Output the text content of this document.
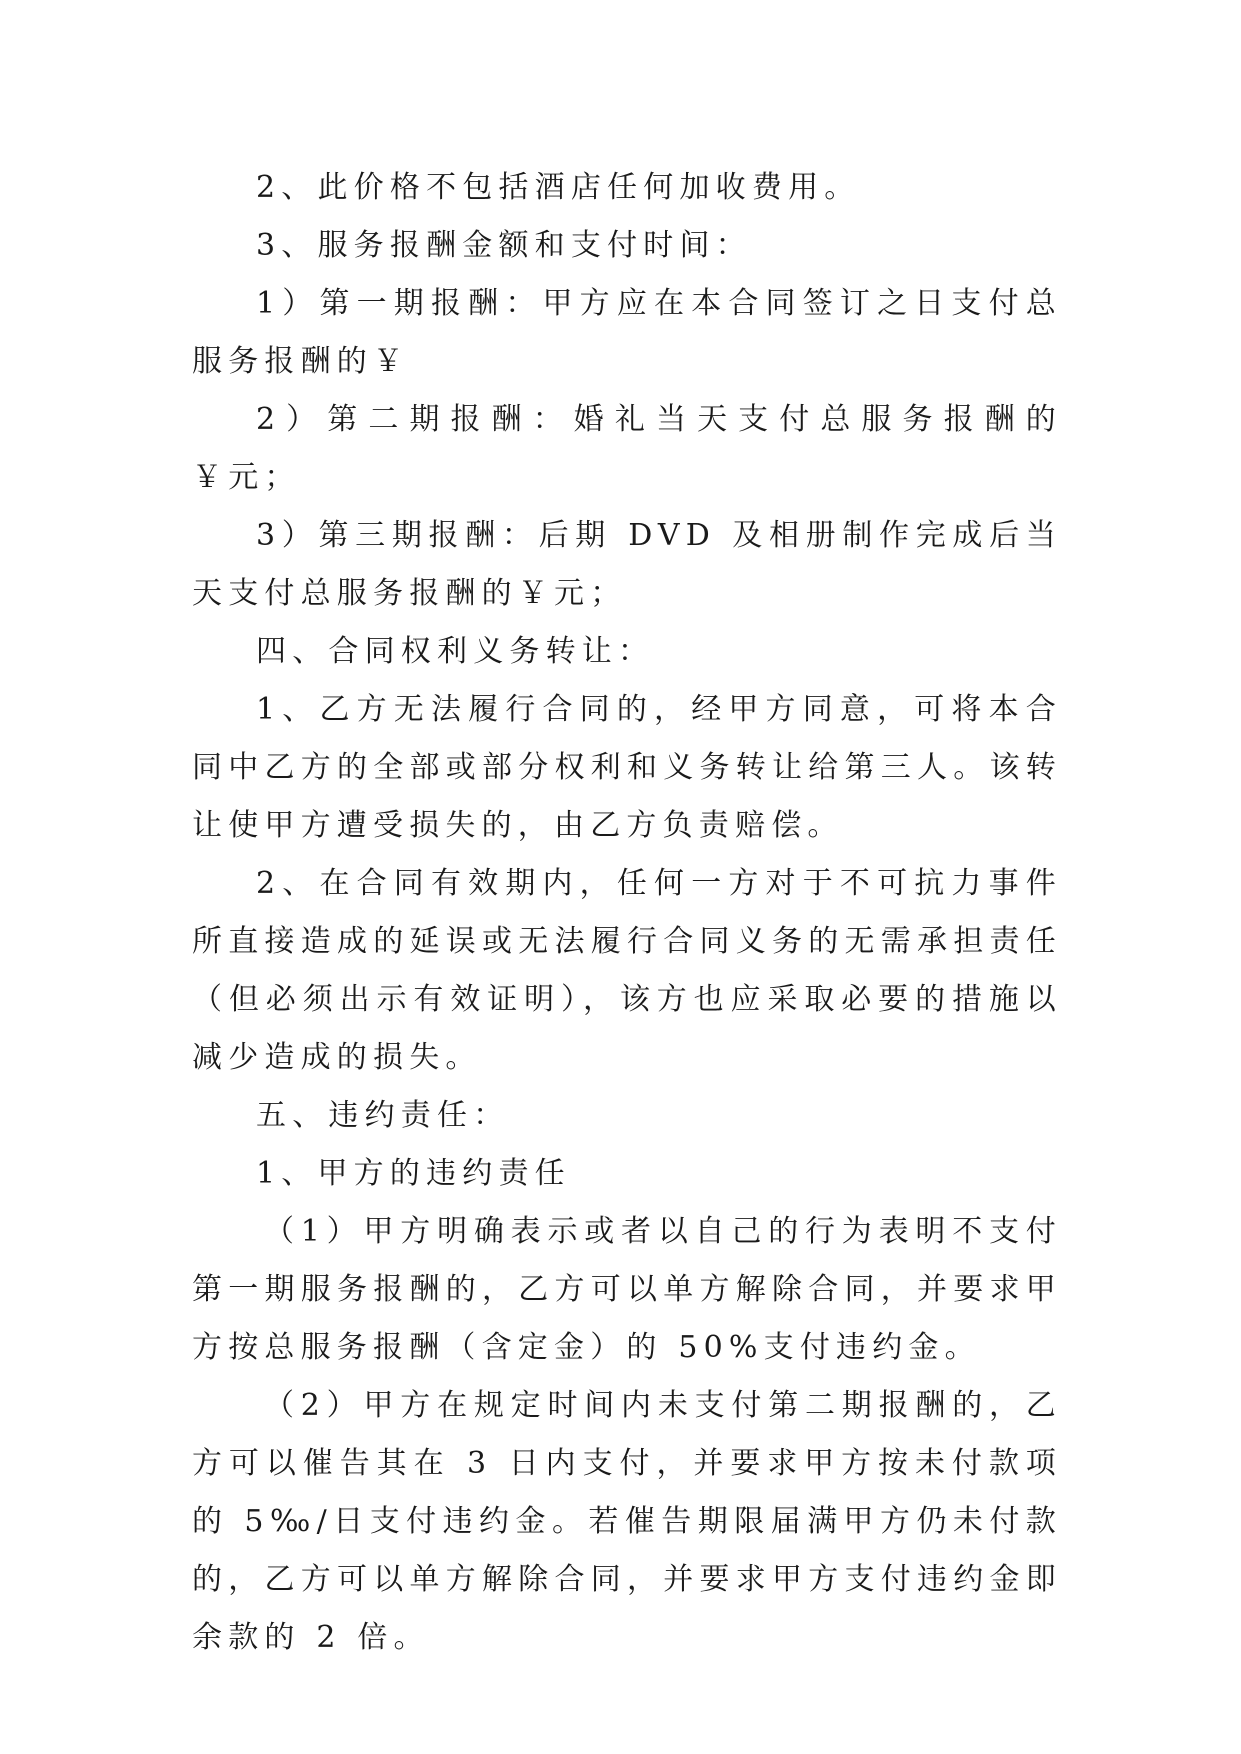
2、此价格不包括酒店任何加收费用。

3、服务报酬金额和支付时间：

1）第一期报酬：甲方应在本合同签订之日支付总服务报酬的￥

2）第二期报酬：婚礼当天支付总服务报酬的￥元；

3）第三期报酬：后期 DVD 及相册制作完成后当天支付总服务报酬的￥元；

四、合同权利义务转让：

1、乙方无法履行合同的，经甲方同意，可将本合同中乙方的全部或部分权利和义务转让给第三人。该转让使甲方遭受损失的，由乙方负责赔偿。

2、在合同有效期内，任何一方对于不可抗力事件所直接造成的延误或无法履行合同义务的无需承担责任（但必须出示有效证明），该方也应采取必要的措施以减少造成的损失。

五、违约责任：

1、甲方的违约责任

（1）甲方明确表示或者以自己的行为表明不支付第一期服务报酬的，乙方可以单方解除合同，并要求甲方按总服务报酬（含定金）的 50%支付违约金。

（2）甲方在规定时间内未支付第二期报酬的，乙方可以催告其在 3 日内支付，并要求甲方按未付款项的 5‰/日支付违约金。若催告期限届满甲方仍未付款的，乙方可以单方解除合同，并要求甲方支付违约金即余款的 2 倍。
